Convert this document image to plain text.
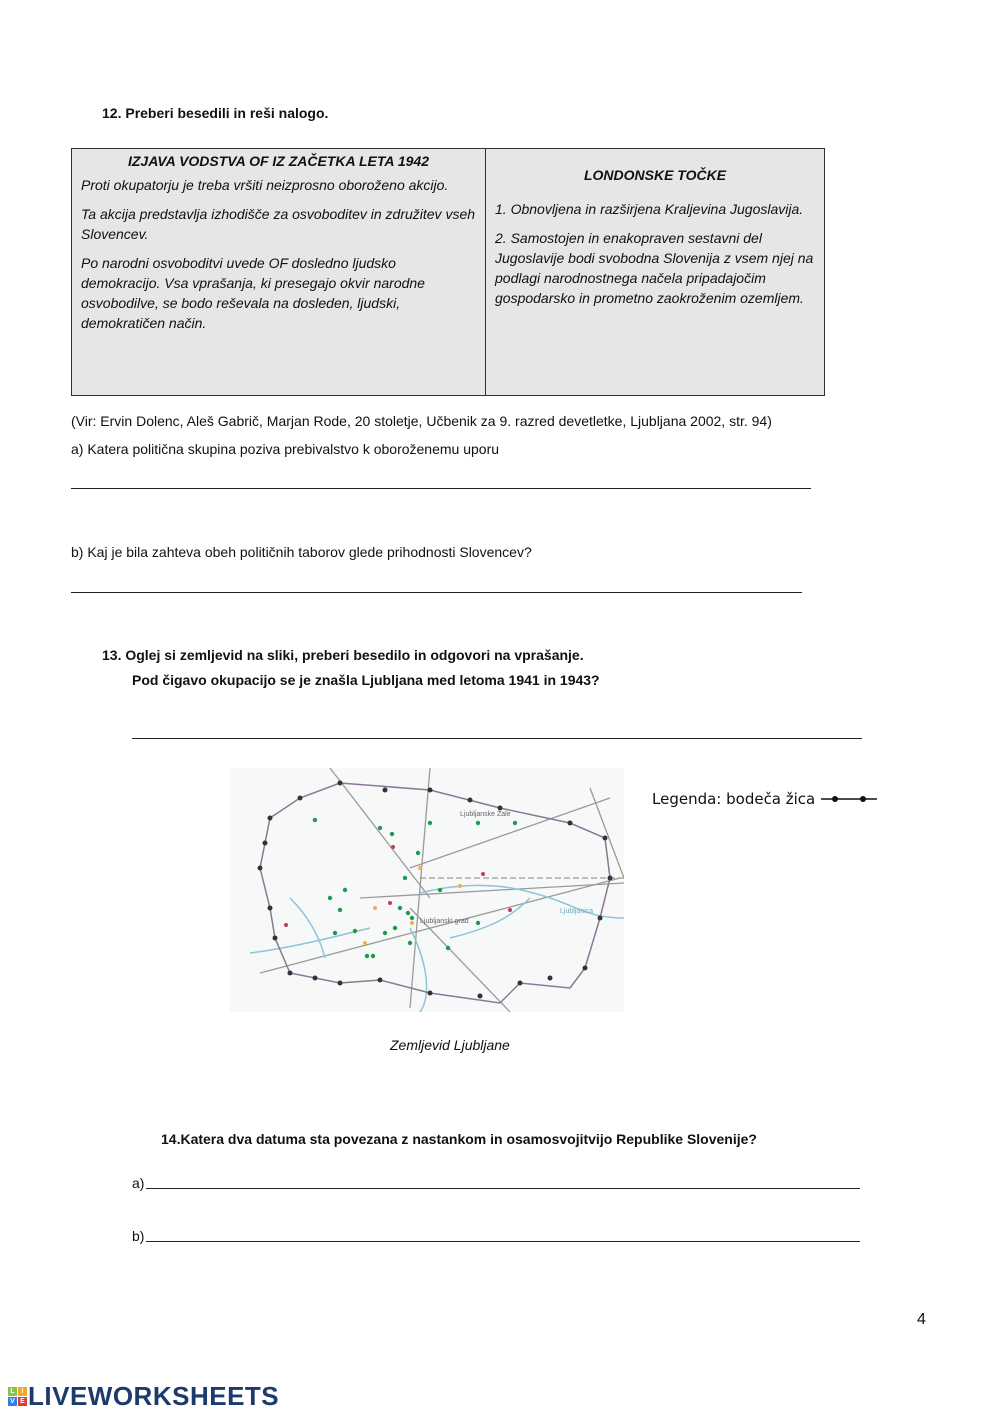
12. Preberi besedili in reši nalogo.

IZJAVA VODSTVA OF IZ ZAČETKA LETA 1942

Proti okupatorju je treba vršiti neizprosno oboroženo akcijo.

Ta akcija predstavlja izhodišče za osvoboditev in združitev vseh Slovencev.

Po narodni osvoboditvi uvede OF dosledno ljudsko demokracijo. Vsa vprašanja, ki presegajo okvir narodne osvobodilve, se bodo reševala na dosleden, ljudski, demokratičen način.

LONDONSKE TOČKE

1. Obnovljena in razširjena Kraljevina Jugoslavija.

2. Samostojen in enakopraven sestavni del Jugoslavije bodi svobodna Slovenija z vsem njej na podlagi narodnostnega načela pripadajočim gospodarsko in prometno zaokroženim ozemljem.

(Vir: Ervin Dolenc, Aleš Gabrič, Marjan Rode, 20 stoletje, Učbenik za 9. razred devetletke, Ljubljana 2002, str. 94)
a) Katera politična skupina poziva prebivalstvo k oboroženemu uporu
b) Kaj je bila zahteva obeh političnih taborov glede prihodnosti Slovencev?
13. Oglej si zemljevid na sliki, preberi besedilo in odgovori na vprašanje.
Pod čigavo okupacijo se je znašla Ljubljana med letoma 1941 in 1943?
Ljubljanske Žale
Ljubljanski grad
Ljubljanica
Legenda: bodeča žica
Zemljevid Ljubljane
14.Katera dva datuma sta povezana z nastankom in osamosvojitvijo Republike Slovenije?
a)
b)
4
L I
V E LIVEWORKSHEETS
